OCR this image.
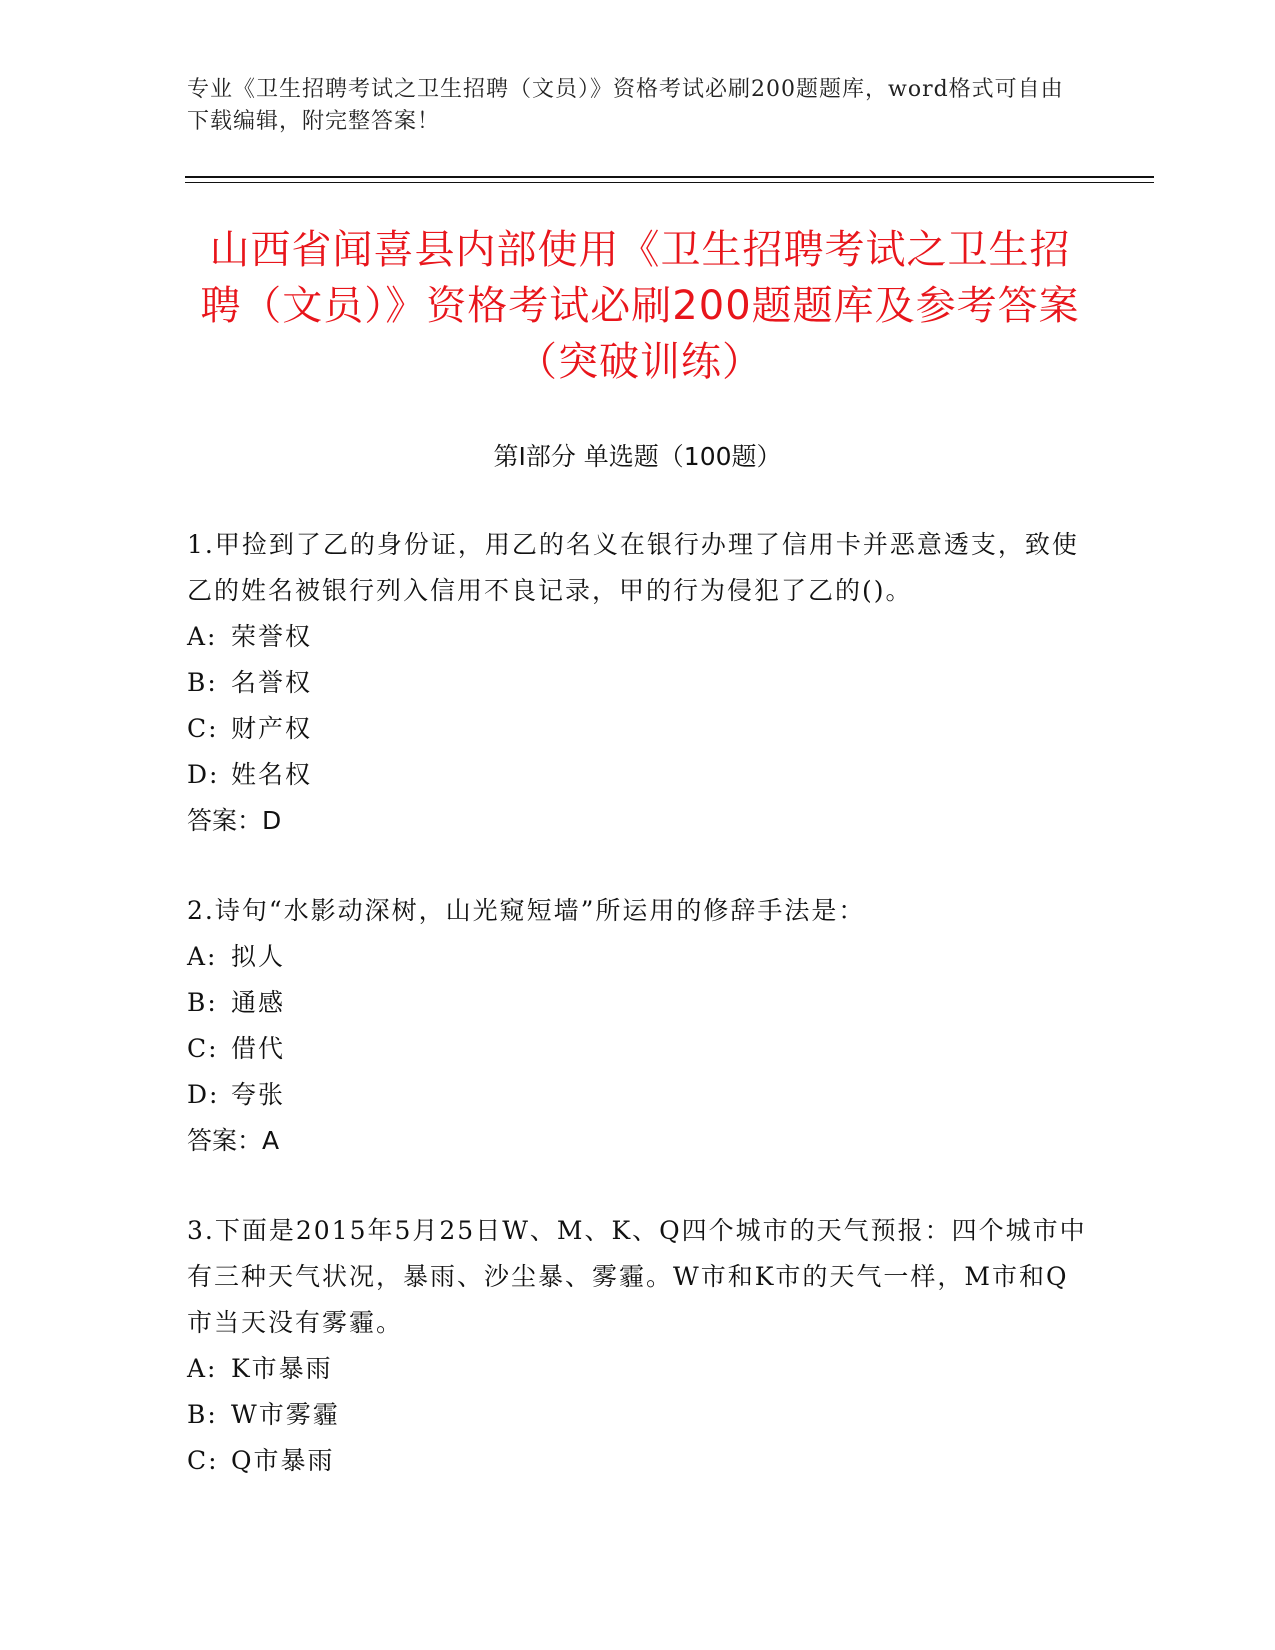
专业《卫生招聘考试之卫生招聘（文员）》资格考试必刷200题题库，word格式可自由下载编辑，附完整答案！
山西省闻喜县内部使用《卫生招聘考试之卫生招聘（文员）》资格考试必刷200题题库及参考答案（突破训练）
第Ⅰ部分 单选题（100题）
1.甲捡到了乙的身份证，用乙的名义在银行办理了信用卡并恶意透支，致使乙的姓名被银行列入信用不良记录，甲的行为侵犯了乙的()。
A: 荣誉权
B: 名誉权
C: 财产权
D: 姓名权
答案：D
2.诗句“水影动深树，山光窥短墙”所运用的修辞手法是：
A: 拟人
B: 通感
C: 借代
D: 夸张
答案：A
3.下面是2015年5月25日W、M、K、Q四个城市的天气预报：四个城市中有三种天气状况，暴雨、沙尘暴、雾霾。W市和K市的天气一样，M市和Q市当天没有雾霾。
A: K市暴雨
B: W市雾霾
C: Q市暴雨
